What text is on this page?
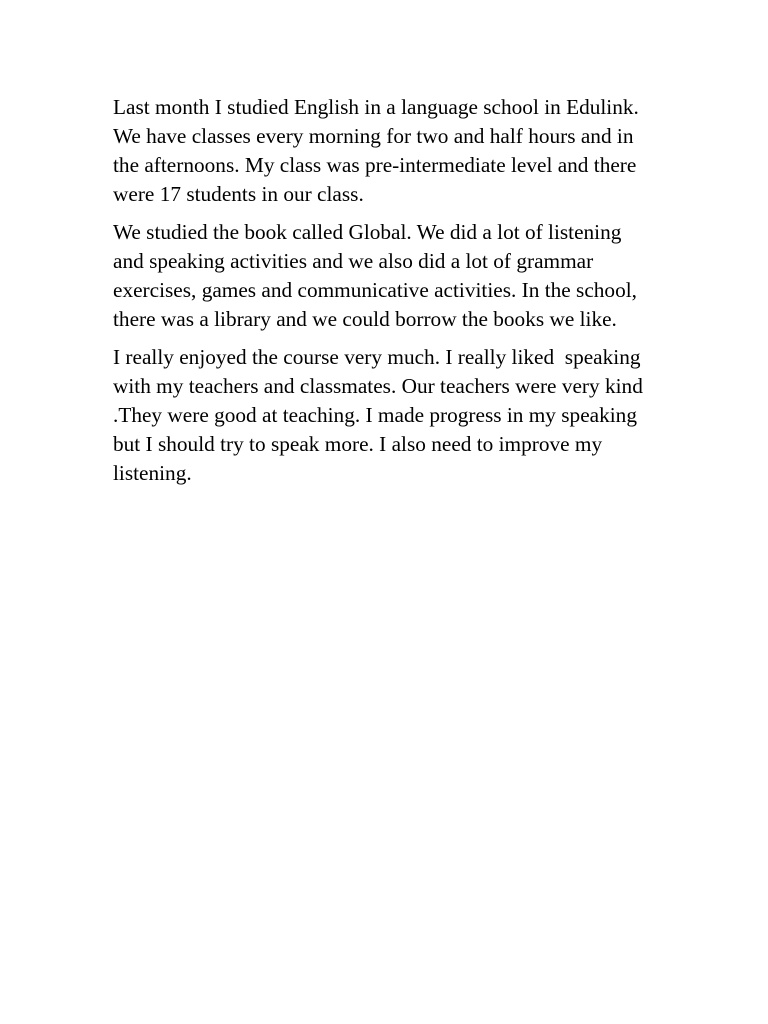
Last month I studied English in a language school in Edulink.
We have classes every morning for two and half hours and in
the afternoons. My class was pre-intermediate level and there
were 17 students in our class.
We studied the book called Global. We did a lot of listening
and speaking activities and we also did a lot of grammar
exercises, games and communicative activities. In the school,
there was a library and we could borrow the books we like.
I really enjoyed the course very much. I really liked  speaking
with my teachers and classmates. Our teachers were very kind
.They were good at teaching. I made progress in my speaking
but I should try to speak more. I also need to improve my
listening.
